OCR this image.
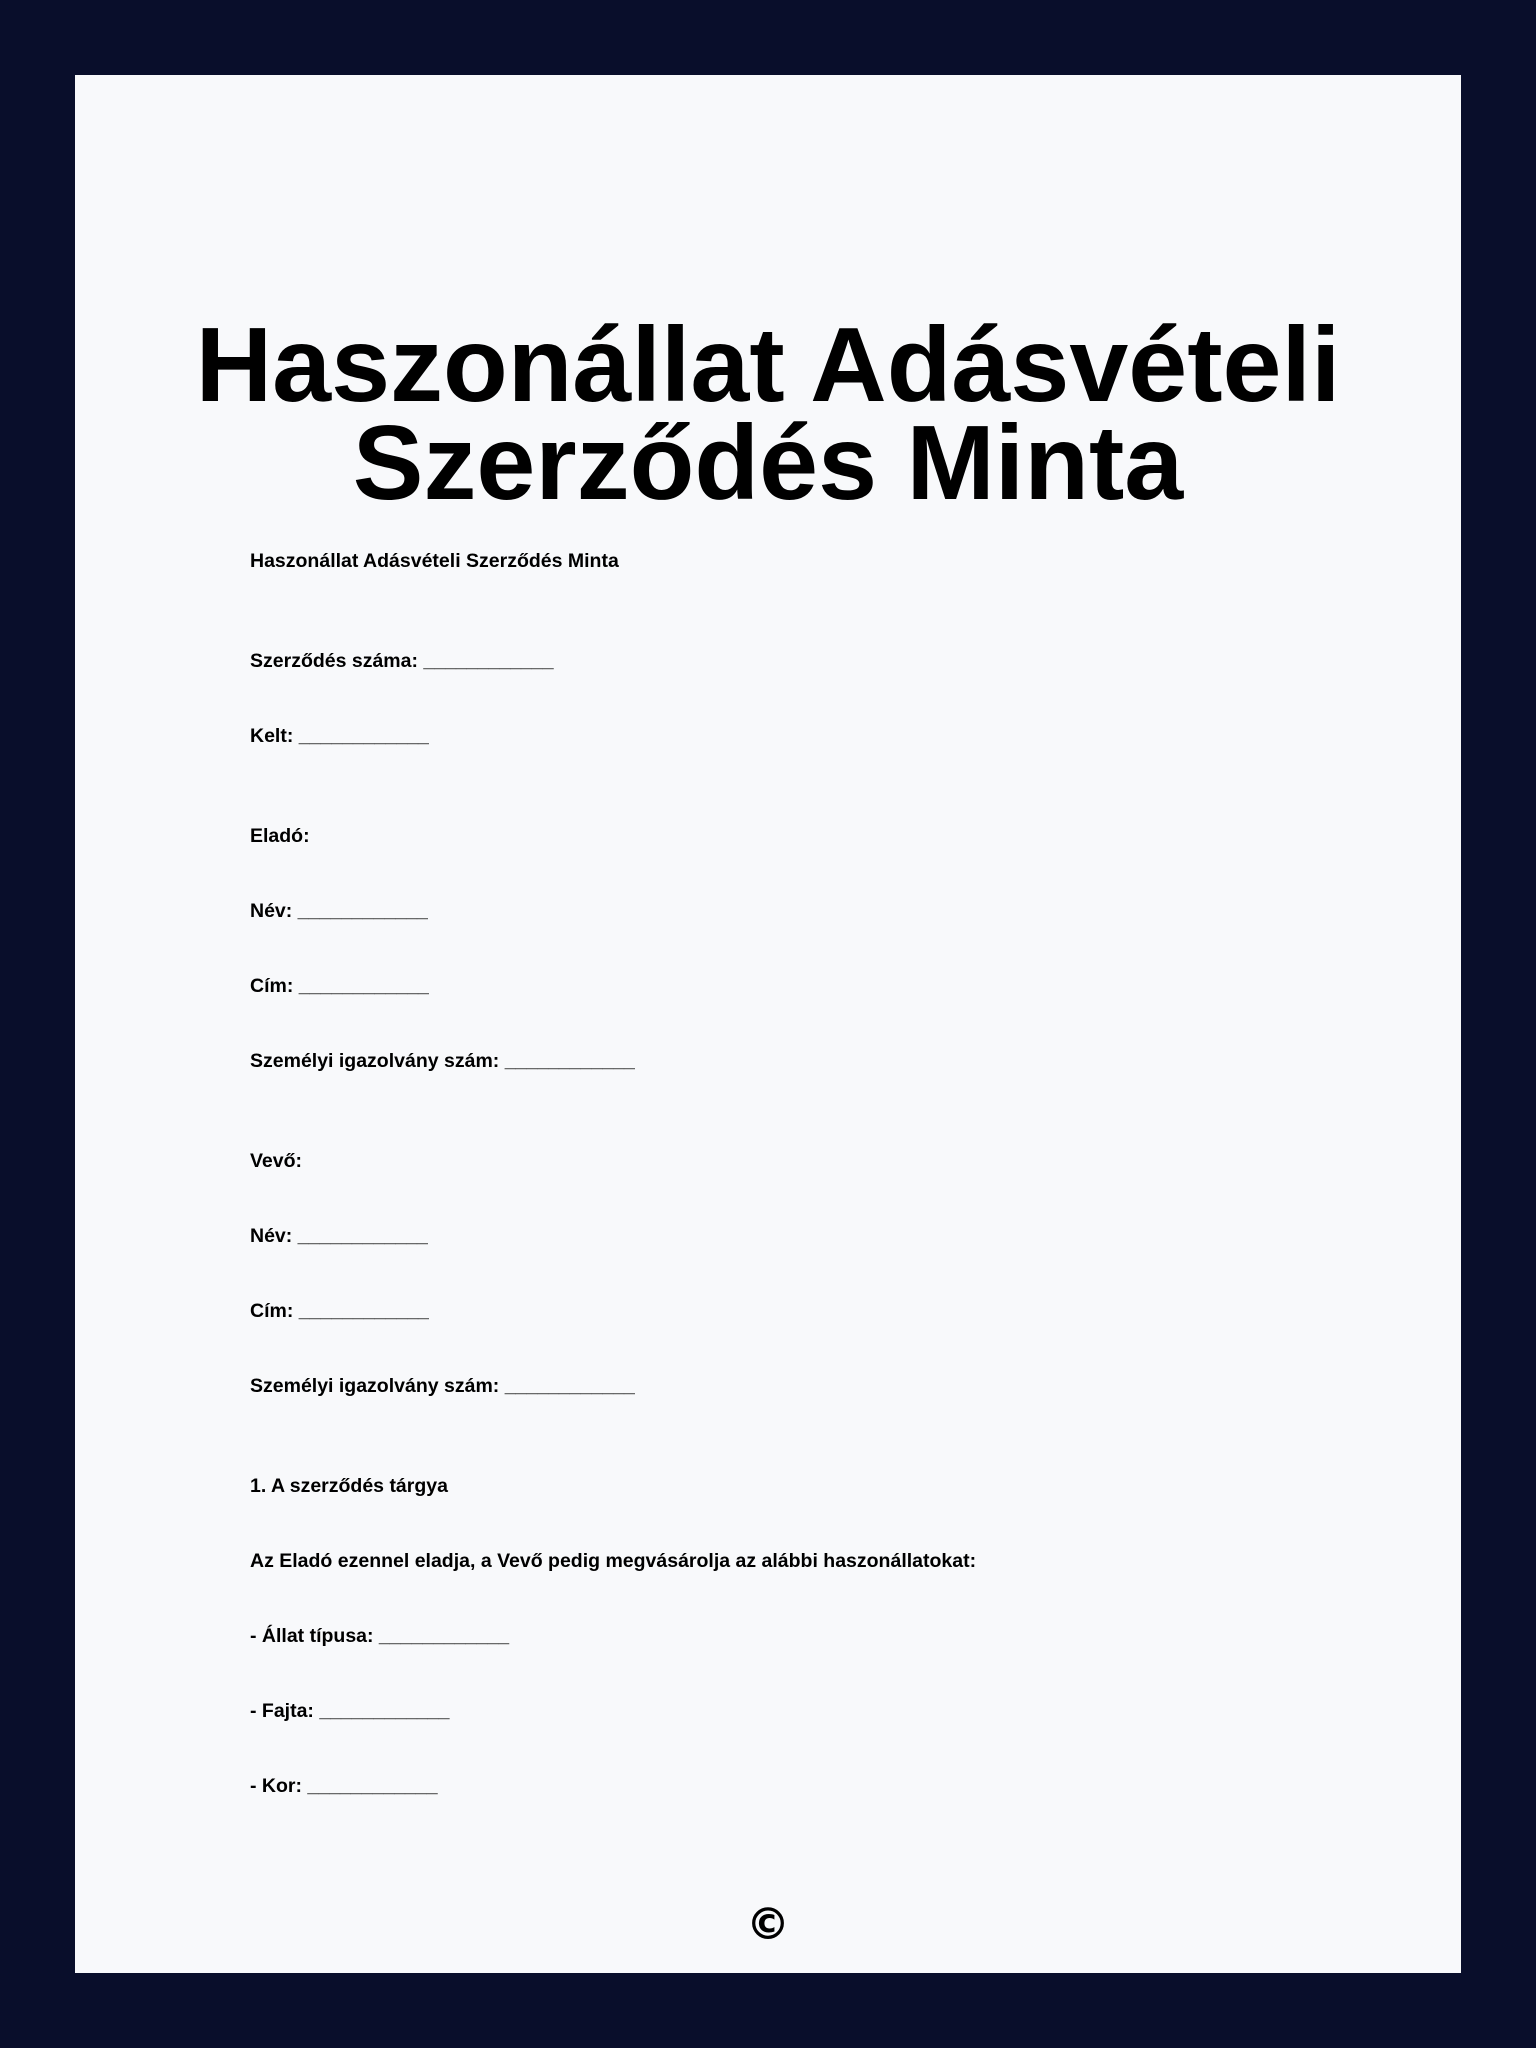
Haszonállat Adásvételi
Szerződés Minta
Haszonállat Adásvételi Szerződés Minta
Szerződés száma: ____________
Kelt: ____________
Eladó:
Név: ____________
Cím: ____________
Személyi igazolvány szám: ____________
Vevő:
Név: ____________
Cím: ____________
Személyi igazolvány szám: ____________
1. A szerződés tárgya
Az Eladó ezennel eladja, a Vevő pedig megvásárolja az alábbi haszonállatokat:
- Állat típusa: ____________
- Fajta: ____________
- Kor: ____________
©
